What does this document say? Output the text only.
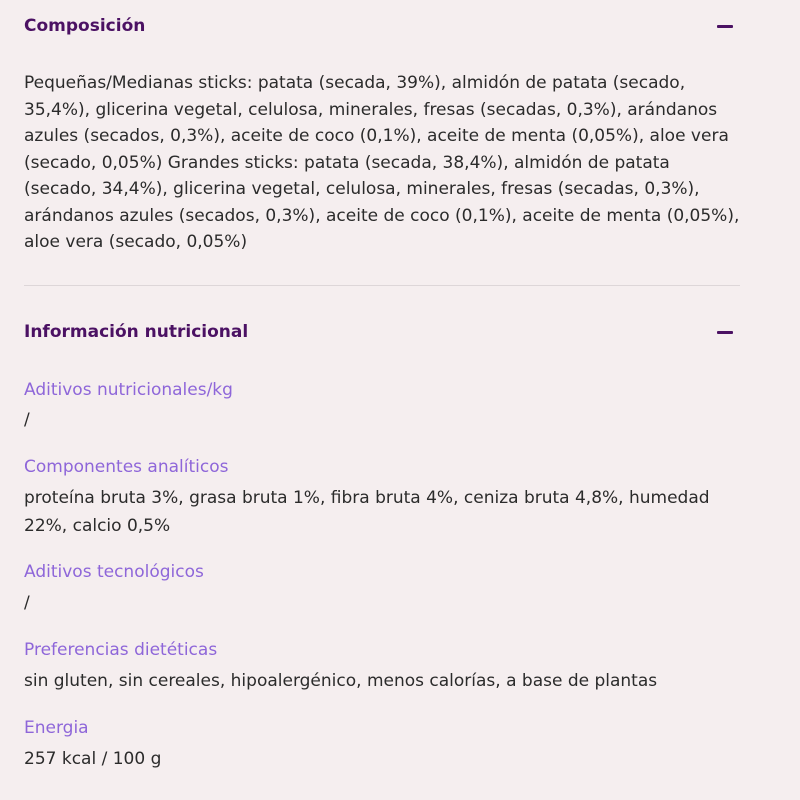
Composición
Pequeñas/Medianas sticks: patata (secada, 39%), almidón de patata (secado, 35,4%), glicerina vegetal, celulosa, minerales, fresas (secadas, 0,3%), arándanos azules (secados, 0,3%), aceite de coco (0,1%), aceite de menta (0,05%), aloe vera (secado, 0,05%) Grandes sticks: patata (secada, 38,4%), almidón de patata (secado, 34,4%), glicerina vegetal, celulosa, minerales, fresas (secadas, 0,3%), arándanos azules (secados, 0,3%), aceite de coco (0,1%), aceite de menta (0,05%), aloe vera (secado, 0,05%)
Información nutricional
Aditivos nutricionales/kg
/
Componentes analíticos
proteína bruta 3%, grasa bruta 1%, fibra bruta 4%, ceniza bruta 4,8%, humedad 22%, calcio 0,5%
Aditivos tecnológicos
/
Preferencias dietéticas
sin gluten, sin cereales, hipoalergénico, menos calorías, a base de plantas
Energia
257 kcal / 100 g
